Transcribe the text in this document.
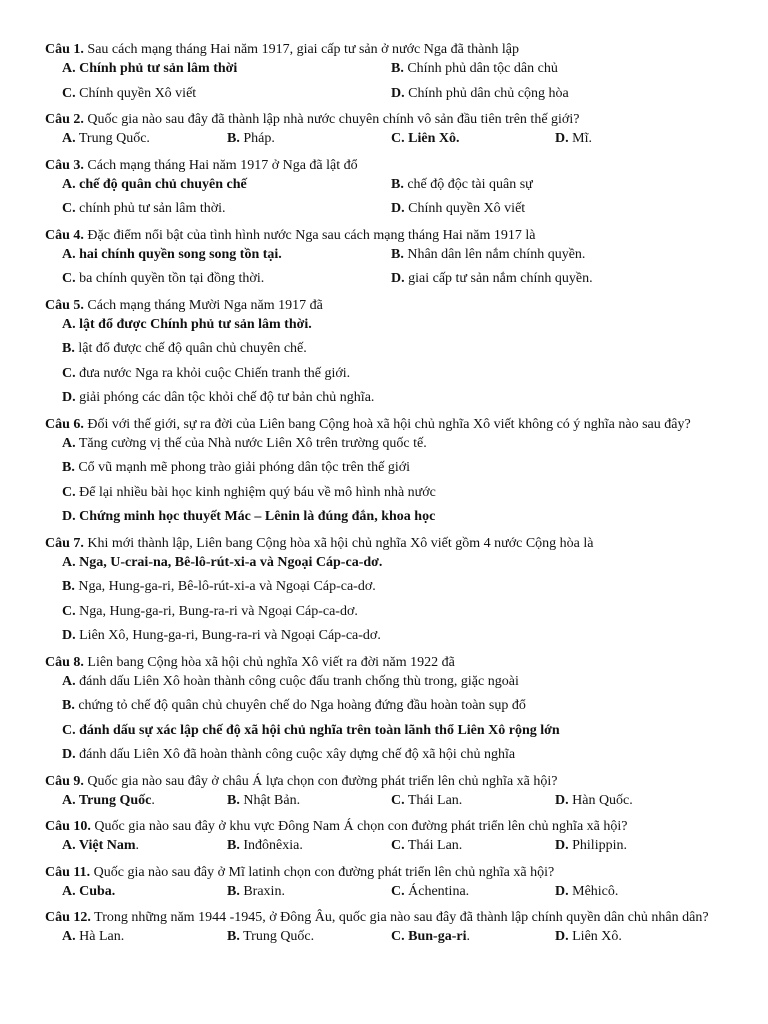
Câu 1. Sau cách mạng tháng Hai năm 1917, giai cấp tư sản ở nước Nga đã thành lập
A. Chính phủ tư sản lâm thời	B. Chính phủ dân tộc dân chủ
C. Chính quyền Xô viết	D. Chính phủ dân chủ cộng hòa
Câu 2. Quốc gia nào sau đây đã thành lập nhà nước chuyên chính vô sản đầu tiên trên thế giới?
A. Trung Quốc.	B. Pháp.	C. Liên Xô.	D. Mĩ.
Câu 3. Cách mạng tháng Hai năm 1917 ở Nga đã lật đổ
A. chế độ quân chủ chuyên chế	B. chế độ độc tài quân sự
C. chính phủ tư sản lâm thời.	D. Chính quyền Xô viết
Câu 4. Đặc điểm nổi bật của tình hình nước Nga sau cách mạng tháng Hai năm 1917 là
A. hai chính quyền song song tồn tại.	B. Nhân dân lên nắm chính quyền.
C. ba chính quyền tồn tại đồng thời.	D. giai cấp tư sản nắm chính quyền.
Câu 5. Cách mạng tháng Mười Nga năm 1917 đã
A. lật đổ được Chính phủ tư sản lâm thời.
B. lật đổ được chế độ quân chủ chuyên chế.
C. đưa nước Nga ra khỏi cuộc Chiến tranh thế giới.
D. giải phóng các dân tộc khỏi chế độ tư bản chủ nghĩa.
Câu 6. Đối với thế giới, sự ra đời của Liên bang Cộng hoà xã hội chủ nghĩa Xô viết không có ý nghĩa nào sau đây?
A. Tăng cường vị thế của Nhà nước Liên Xô trên trường quốc tế.
B. Cổ vũ mạnh mẽ phong trào giải phóng dân tộc trên thế giới
C. Để lại nhiều bài học kinh nghiệm quý báu về mô hình nhà nước
D. Chứng minh học thuyết Mác – Lênin là đúng đắn, khoa học
Câu 7. Khi mới thành lập, Liên bang Cộng hòa xã hội chủ nghĩa Xô viết gồm 4 nước Cộng hòa là
A. Nga, U-crai-na, Bê-lô-rút-xi-a và Ngoại Cáp-ca-dơ.
B. Nga, Hung-ga-ri, Bê-lô-rút-xi-a và Ngoại Cáp-ca-dơ.
C. Nga, Hung-ga-ri, Bung-ra-ri và Ngoại Cáp-ca-dơ.
D. Liên Xô, Hung-ga-ri, Bung-ra-ri và Ngoại Cáp-ca-dơ.
Câu 8. Liên bang Cộng hòa xã hội chủ nghĩa Xô viết ra đời năm 1922 đã
A. đánh dấu Liên Xô hoàn thành công cuộc đấu tranh chống thù trong, giặc ngoài
B. chứng tỏ chế độ quân chủ chuyên chế do Nga hoàng đứng đầu hoàn toàn sụp đổ
C. đánh dấu sự xác lập chế độ xã hội chủ nghĩa trên toàn lãnh thổ Liên Xô rộng lớn
D. đánh dấu Liên Xô đã hoàn thành công cuộc xây dựng chế độ xã hội chủ nghĩa
Câu 9. Quốc gia nào sau đây ở châu Á lựa chọn con đường phát triển lên chủ nghĩa xã hội?
A. Trung Quốc.	B. Nhật Bản.	C. Thái Lan.	D. Hàn Quốc.
Câu 10. Quốc gia nào sau đây ở khu vực Đông Nam Á chọn con đường phát triển lên chủ nghĩa xã hội?
A. Việt Nam.	B. Inđônêxia.	C. Thái Lan.	D. Philippin.
Câu 11. Quốc gia nào sau đây ở Mĩ latinh chọn con đường phát triển lên chủ nghĩa xã hội?
A. Cuba.	B. Braxin.	C. Áchentina.	D. Mêhicô.
Câu 12. Trong những năm 1944 -1945, ở Đông Âu, quốc gia nào sau đây đã thành lập chính quyền dân chủ nhân dân?
A. Hà Lan.	B. Trung Quốc.	C. Bun-ga-ri.	D. Liên Xô.
